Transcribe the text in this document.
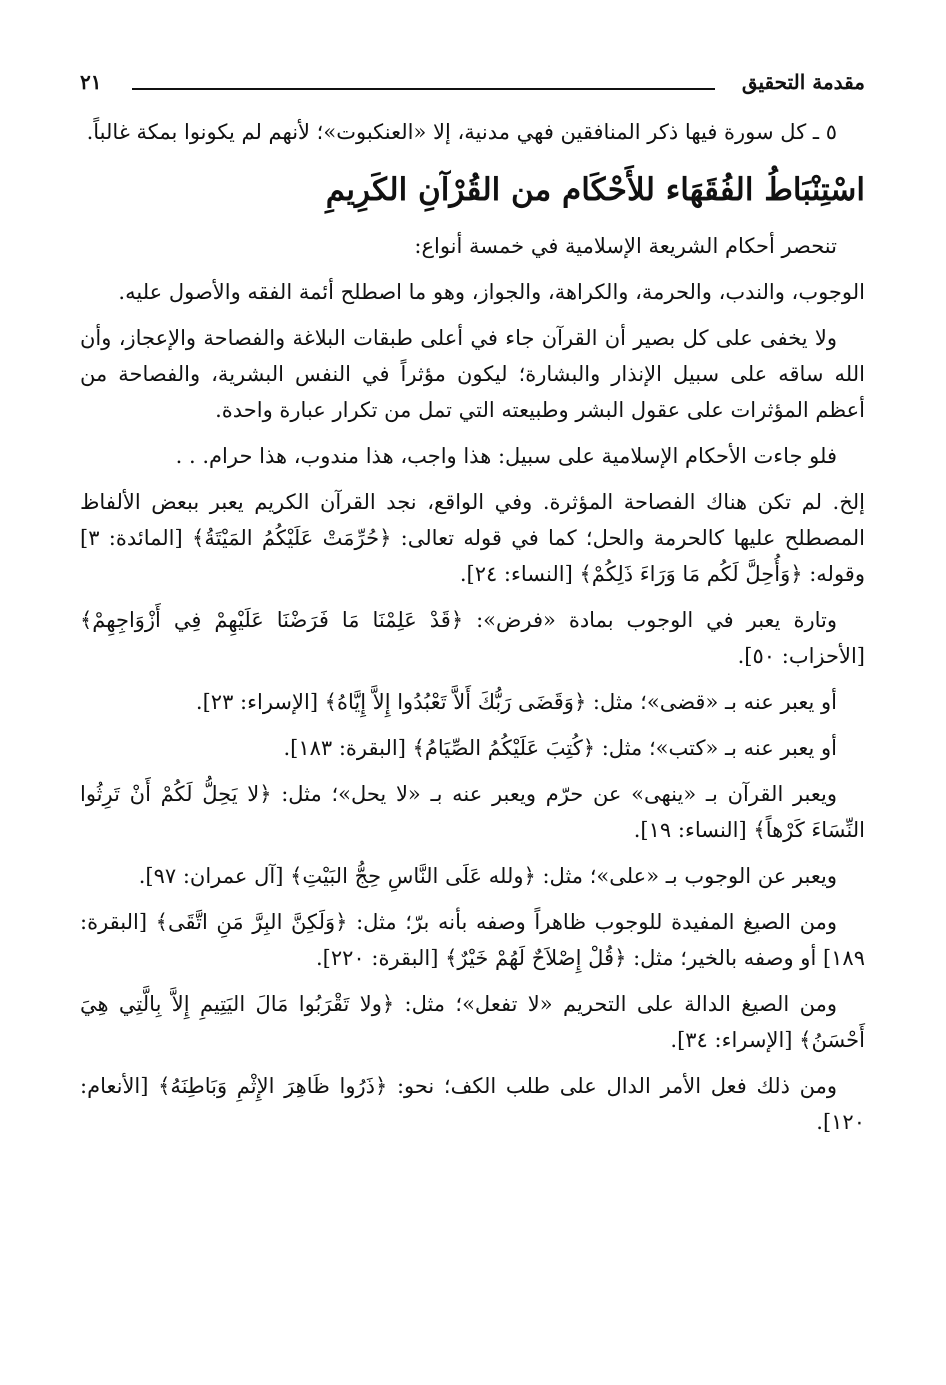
مقدمة التحقيق
٢١

٥ ـ كل سورة فيها ذكر المنافقين فهي مدنية، إلا «العنكبوت»؛ لأنهم لم يكونوا بمكة غالباً.

اسْتِنْبَاطُ الفُقَهَاء للأَحْكَام من القُرْآنِ الكَرِيمِ

تنحصر أحكام الشريعة الإسلامية في خمسة أنواع:

الوجوب، والندب، والحرمة، والكراهة، والجواز، وهو ما اصطلح أئمة الفقه والأصول عليه.

ولا يخفى على كل بصير أن القرآن جاء في أعلى طبقات البلاغة والفصاحة والإعجاز، وأن الله ساقه على سبيل الإنذار والبشارة؛ ليكون مؤثراً في النفس البشرية، والفصاحة من أعظم المؤثرات على عقول البشر وطبيعته التي تمل من تكرار عبارة واحدة.

فلو جاءت الأحكام الإسلامية على سبيل: هذا واجب، هذا مندوب، هذا حرام. . .

إلخ. لم تكن هناك الفصاحة المؤثرة. وفي الواقع، نجد القرآن الكريم يعبر ببعض الألفاظ المصطلح عليها كالحرمة والحل؛ كما في قوله تعالى: ﴿حُرِّمَتْ عَلَيْكُمُ المَيْتَةُ﴾ [المائدة: ٣] وقوله: ﴿وَأُحِلَّ لَكُم مَا وَرَاءَ ذَلِكُمْ﴾ [النساء: ٢٤].

وتارة يعبر في الوجوب بمادة «فرض»: ﴿قَدْ عَلِمْنَا مَا فَرَضْنَا عَلَيْهِمْ فِي أَزْوَاجِهِمْ﴾ [الأحزاب: ٥٠].

أو يعبر عنه بـ «قضى»؛ مثل: ﴿وَقَضَى رَبُّكَ أَلاَّ تَعْبُدُوا إِلاَّ إِيَّاهُ﴾ [الإسراء: ٢٣].

أو يعبر عنه بـ «كتب»؛ مثل: ﴿كُتِبَ عَلَيْكُمُ الصِّيَامُ﴾ [البقرة: ١٨٣].

ويعبر القرآن بـ «ينهى» عن حرّم ويعبر عنه بـ «لا يحل»؛ مثل: ﴿لا يَحِلُّ لَكُمْ أَنْ تَرِثُوا النِّسَاءَ كَرْهاً﴾ [النساء: ١٩].

ويعبر عن الوجوب بـ «على»؛ مثل: ﴿ولله عَلَى النَّاسِ حِجُّ البَيْتِ﴾ [آل عمران: ٩٧].

ومن الصيغ المفيدة للوجوب ظاهراً وصفه بأنه برّ؛ مثل: ﴿وَلَكِنَّ البِرَّ مَنِ اتَّقَى﴾ [البقرة: ١٨٩] أو وصفه بالخير؛ مثل: ﴿قُلْ إِصْلاَحٌ لَهُمْ خَيْرٌ﴾ [البقرة: ٢٢٠].

ومن الصيغ الدالة على التحريم «لا تفعل»؛ مثل: ﴿ولا تَقْرَبُوا مَالَ اليَتِيمِ إِلاَّ بِالَّتِي هِيَ أَحْسَنُ﴾ [الإسراء: ٣٤].

ومن ذلك فعل الأمر الدال على طلب الكف؛ نحو: ﴿ذَرُوا ظَاهِرَ الإِثْمِ وَبَاطِنَهُ﴾ [الأنعام: ١٢٠].
